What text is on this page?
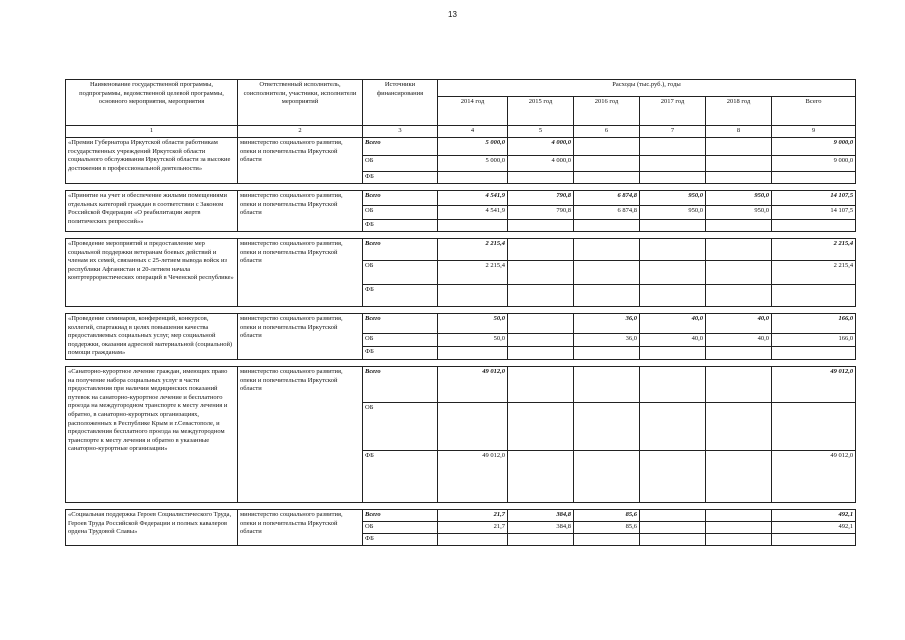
13
Наименование государственной программы, подпрограммы, ведомственной целевой программы, основного мероприятия, мероприятия	Ответственный исполнитель, соисполнители, участники, исполнители мероприятий	Источники финансирования	Расходы (тыс.руб.), годы					
			2014 год	2015 год	2016 год	2017 год	2018 год	Всего
1	2	3	4	5	6	7	8	9
«Премии Губернатора Иркутской области работникам государственных учреждений Иркутской области социального обслуживания Иркутской области за высокие достижения в профессиональной деятельности»	министерство социального развития, опеки и попечительства Иркутской области	Всего	5 000,0	4 000,0				9 000,0
		ОБ	5 000,0	4 000,0				9 000,0
		ФБ						

«Принятие на учет и обеспечение жилыми помещениями отдельных категорий граждан в соответствии с Законом Российской Федерации «О реабилитации жертв политических репрессий»»	министерство социального развития, опеки и попечительства Иркутской области	Всего	4 541,9	790,8	6 874,8	950,0	950,0	14 107,5
		ОБ	4 541,9	790,8	6 874,8	950,0	950,0	14 107,5
		ФБ						

«Проведение мероприятий и предоставление мер социальной поддержки ветеранам боевых действий и членам их семей, связанных с 25-летием вывода войск из республики Афганистан и 20-летием начала контртеррористических операций в Чеченской республике»	министерство социального развития, опеки и попечительства Иркутской области	Всего	2 215,4					2 215,4
		ОБ	2 215,4					2 215,4
		ФБ						

«Проведение семинаров, конференций, конкурсов, коллегий, спартакиад в целях повышения качества предоставляемых социальных услуг, мер социальной поддержки, оказания адресной материальной (социальной) помощи гражданам»	министерство социального развития, опеки и попечительства Иркутской области	Всего	50,0		36,0	40,0	40,0	166,0
		ОБ	50,0		36,0	40,0	40,0	166,0
		ФБ						

«Санаторно-курортное лечение граждан, имеющих право на получение набора социальных услуг в части предоставления при наличии медицинских показаний путевок на санаторно-курортное лечение и бесплатного проезда на междугородном транспорте к месту лечения и обратно, в санаторно-курортных организациях, расположенных в Республике Крым и г.Севастополе, и предоставления бесплатного проезда на междугородном транспорте к месту лечения и обратно в указанные санаторно-курортные организации»	министерство социального развития, опеки и попечительства Иркутской области	Всего	49 012,0					49 012,0
		ОБ						
		ФБ	49 012,0					49 012,0

«Социальная поддержка Героев Социалистического Труда, Героев Труда Российской Федерации и полных кавалеров ордена Трудовой Славы»	министерство социального развития, опеки и попечительства Иркутской области	Всего	21,7	384,8	85,6			492,1
		ОБ	21,7	384,8	85,6			492,1
		ФБ						
